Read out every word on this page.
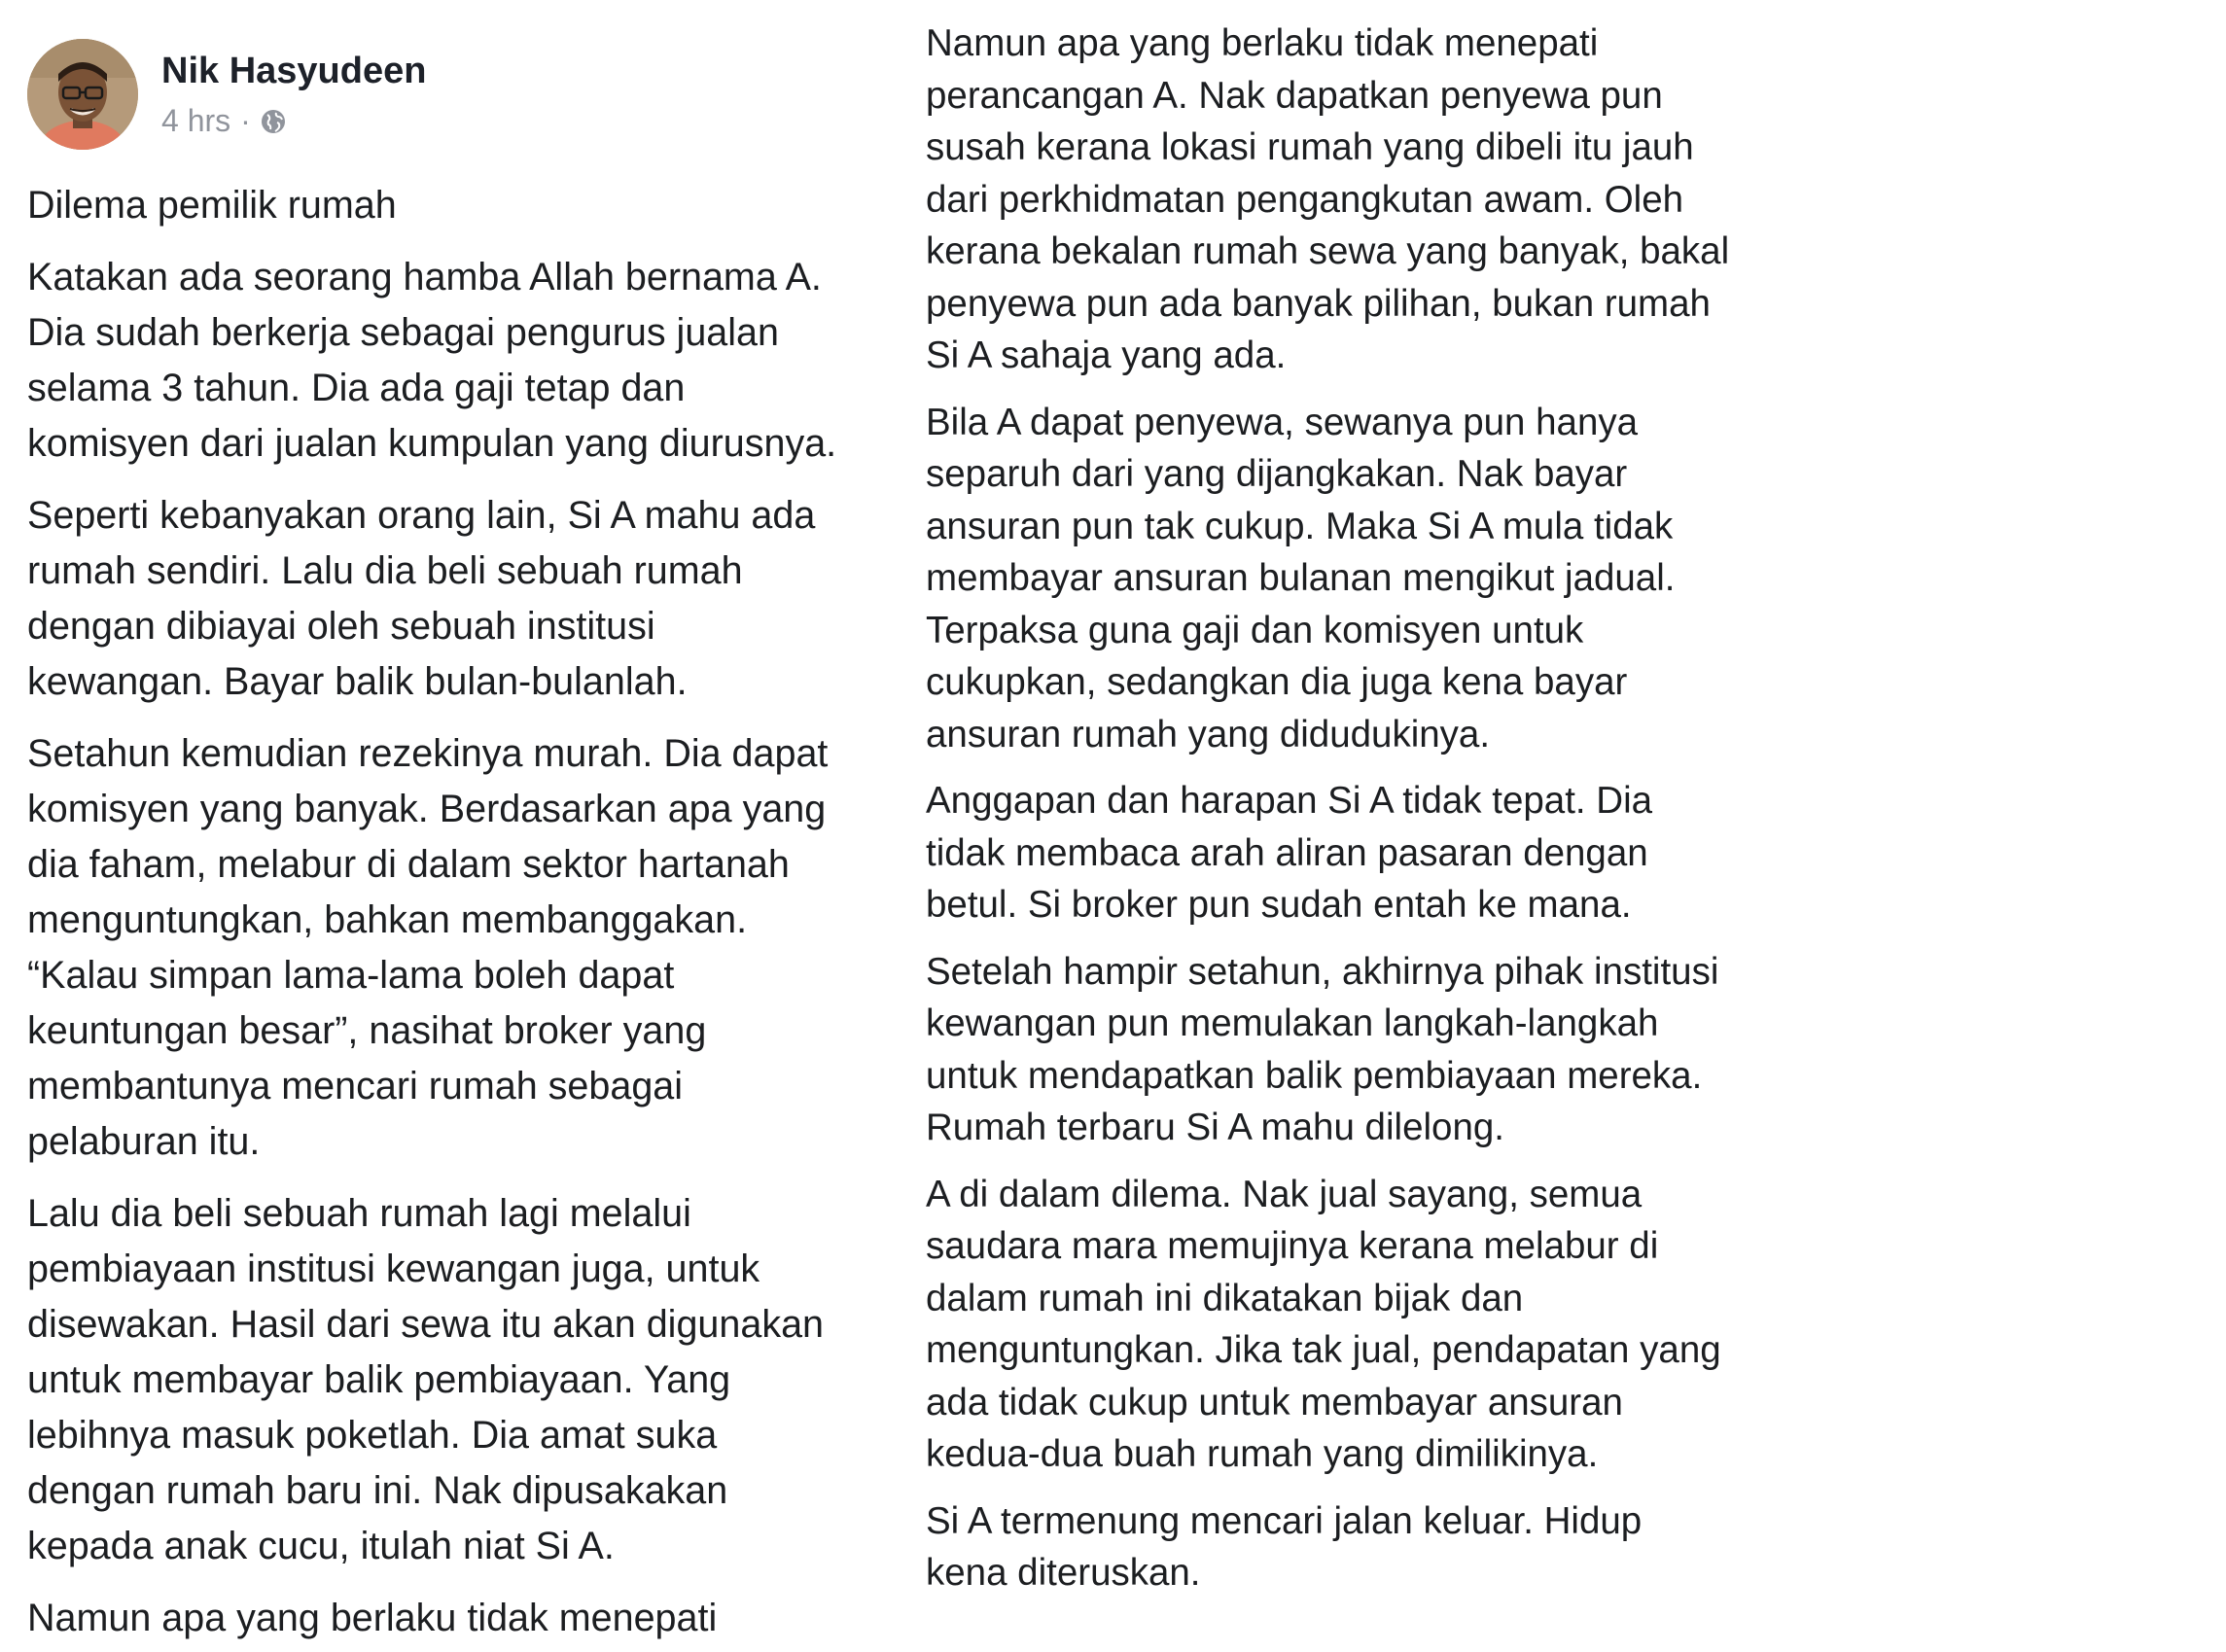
Nik Hasyudeen
4 hrs ·

Dilema pemilik rumah

Katakan ada seorang hamba Allah bernama A.
Dia sudah berkerja sebagai pengurus jualan
selama 3 tahun. Dia ada gaji tetap dan
komisyen dari jualan kumpulan yang diurusnya.

Seperti kebanyakan orang lain, Si A mahu ada
rumah sendiri. Lalu dia beli sebuah rumah
dengan dibiayai oleh sebuah institusi
kewangan. Bayar balik bulan-bulanlah.

Setahun kemudian rezekinya murah. Dia dapat
komisyen yang banyak. Berdasarkan apa yang
dia faham, melabur di dalam sektor hartanah
menguntungkan, bahkan membanggakan.
“Kalau simpan lama-lama boleh dapat
keuntungan besar”, nasihat broker yang
membantunya mencari rumah sebagai
pelaburan itu.

Lalu dia beli sebuah rumah lagi melalui
pembiayaan institusi kewangan juga, untuk
disewakan. Hasil dari sewa itu akan digunakan
untuk membayar balik pembiayaan. Yang
lebihnya masuk poketlah. Dia amat suka
dengan rumah baru ini. Nak dipusakakan
kepada anak cucu, itulah niat Si A.

Namun apa yang berlaku tidak menepati

Namun apa yang berlaku tidak menepati
perancangan A. Nak dapatkan penyewa pun
susah kerana lokasi rumah yang dibeli itu jauh
dari perkhidmatan pengangkutan awam. Oleh
kerana bekalan rumah sewa yang banyak, bakal
penyewa pun ada banyak pilihan, bukan rumah
Si A sahaja yang ada.

Bila A dapat penyewa, sewanya pun hanya
separuh dari yang dijangkakan. Nak bayar
ansuran pun tak cukup. Maka Si A mula tidak
membayar ansuran bulanan mengikut jadual.
Terpaksa guna gaji dan komisyen untuk
cukupkan, sedangkan dia juga kena bayar
ansuran rumah yang didudukinya.

Anggapan dan harapan Si A tidak tepat. Dia
tidak membaca arah aliran pasaran dengan
betul. Si broker pun sudah entah ke mana.

Setelah hampir setahun, akhirnya pihak institusi
kewangan pun memulakan langkah-langkah
untuk mendapatkan balik pembiayaan mereka.
Rumah terbaru Si A mahu dilelong.

A di dalam dilema. Nak jual sayang, semua
saudara mara memujinya kerana melabur di
dalam rumah ini dikatakan bijak dan
menguntungkan. Jika tak jual, pendapatan yang
ada tidak cukup untuk membayar ansuran
kedua-dua buah rumah yang dimilikinya.

Si A termenung mencari jalan keluar. Hidup
kena diteruskan.
